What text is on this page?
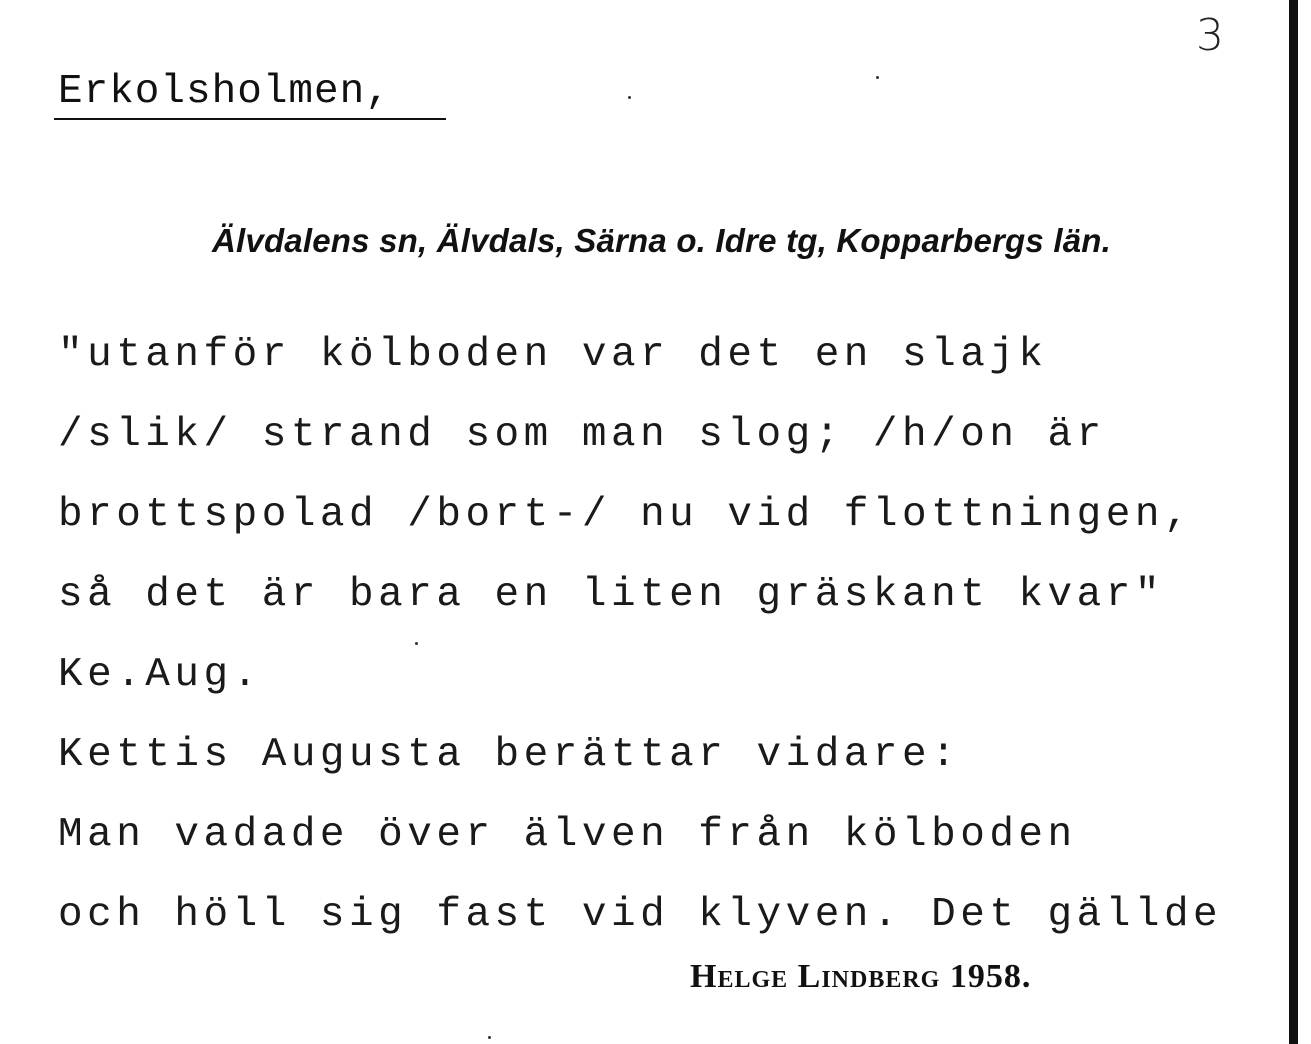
3
Erkolsholmen,
Älvdalens sn, Älvdals, Särna o. Idre tg, Kopparbergs län.
"utanför kölboden var det en slajk
/slik/ strand som man slog; /h/on är
brottspolad /bort-/ nu vid flottningen,
så det är bara en liten gräskant kvar"
Ke.Aug.
Kettis Augusta berättar vidare:
Man vadade över älven från kölboden
och höll sig fast vid klyven. Det gällde
Helge Lindberg 1958.
